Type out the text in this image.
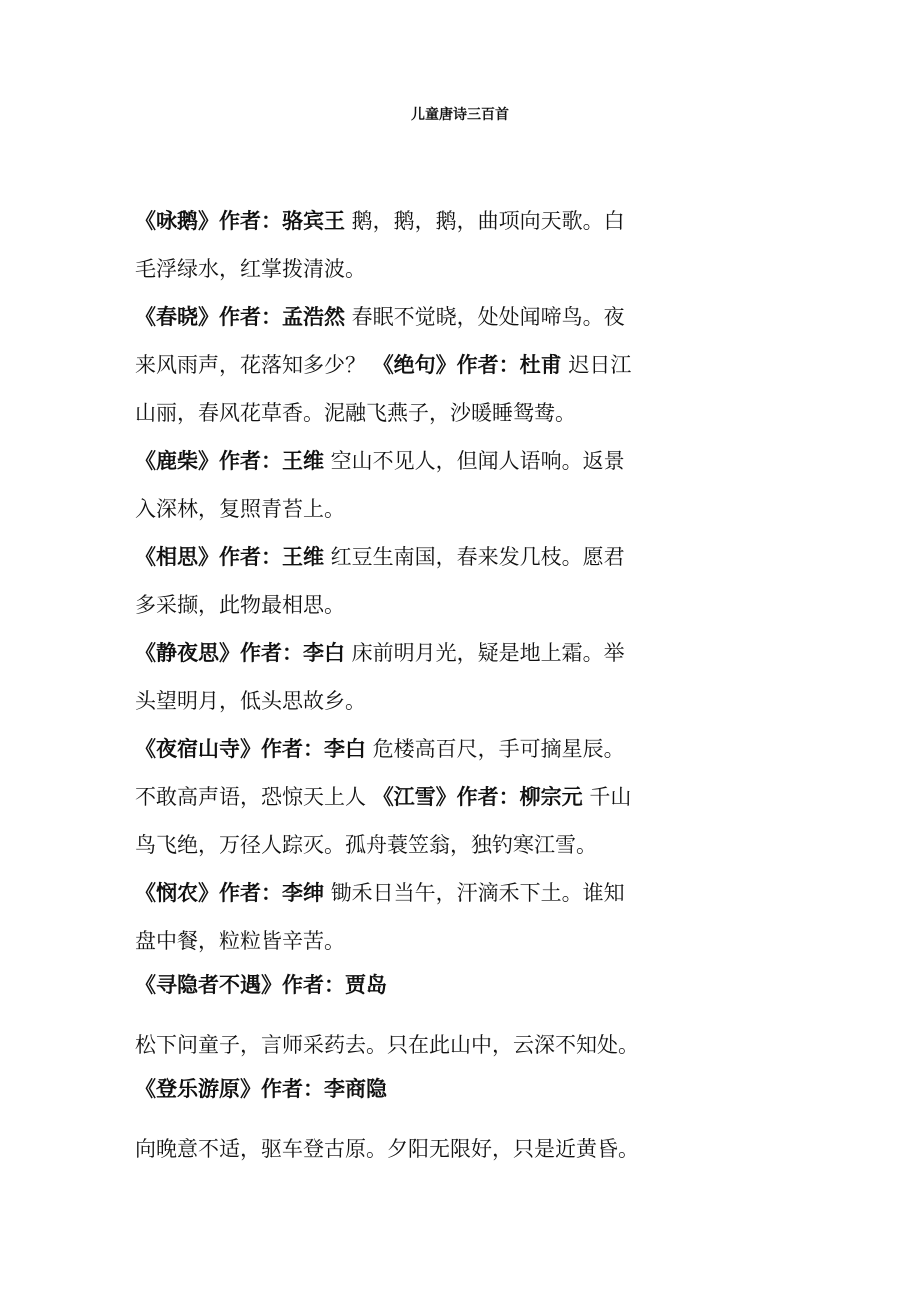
儿童唐诗三百首

《咏鹅》作者：骆宾王 鹅，鹅，鹅，曲项向天歌。白

毛浮绿水，红掌拨清波。

《春晓》作者：孟浩然 春眠不觉晓，处处闻啼鸟。夜

来风雨声，花落知多少？ 《绝句》作者：杜甫 迟日江

山丽，春风花草香。泥融飞燕子，沙暖睡鸳鸯。

《鹿柴》作者：王维 空山不见人，但闻人语响。返景

入深林，复照青苔上。

《相思》作者：王维 红豆生南国，春来发几枝。愿君

多采撷，此物最相思。

《静夜思》作者：李白 床前明月光，疑是地上霜。举

头望明月，低头思故乡。

《夜宿山寺》作者：李白 危楼高百尺，手可摘星辰。

不敢高声语，恐惊天上人 《江雪》作者：柳宗元 千山

鸟飞绝，万径人踪灭。孤舟蓑笠翁，独钓寒江雪。

《悯农》作者：李绅 锄禾日当午，汗滴禾下土。谁知

盘中餐，粒粒皆辛苦。

《寻隐者不遇》作者：贾岛

松下问童子，言师采药去。只在此山中，云深不知处。

《登乐游原》作者：李商隐

向晚意不适，驱车登古原。夕阳无限好，只是近黄昏。
